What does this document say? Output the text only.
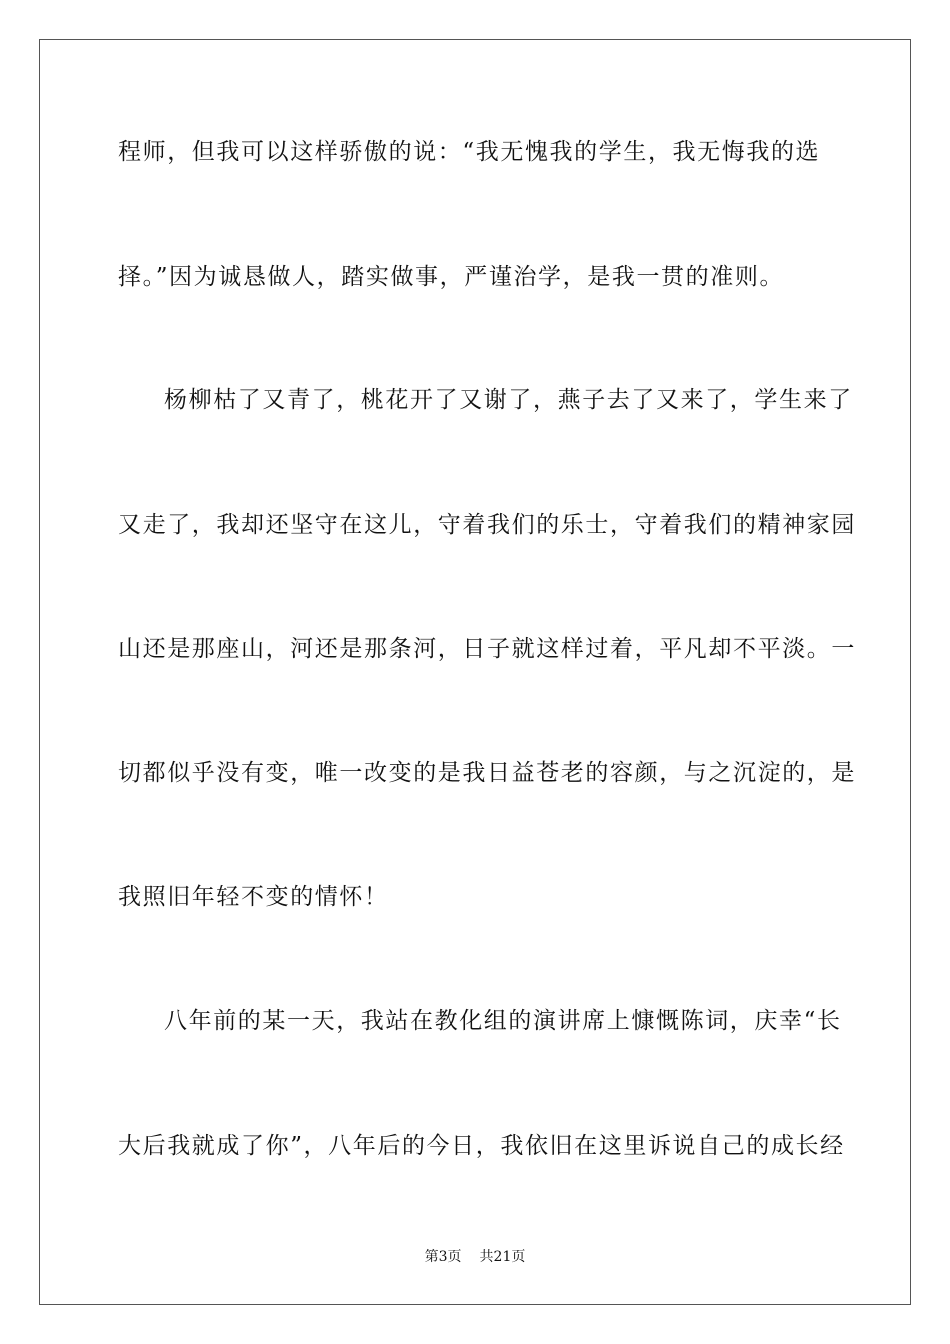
程师，但我可以这样骄傲的说：“我无愧我的学生，我无悔我的选
择。”因为诚恳做人，踏实做事，严谨治学，是我一贯的准则。
杨柳枯了又青了，桃花开了又谢了，燕子去了又来了，学生来了
又走了，我却还坚守在这儿，守着我们的乐士，守着我们的精神家园
山还是那座山，河还是那条河，日子就这样过着，平凡却不平淡。一
切都似乎没有变，唯一改变的是我日益苍老的容颜，与之沉淀的，是
我照旧年轻不变的情怀！
八年前的某一天，我站在教化组的演讲席上慷慨陈词，庆幸“长
大后我就成了你”，八年后的今日，我依旧在这里诉说自己的成长经
第3页 共21页
